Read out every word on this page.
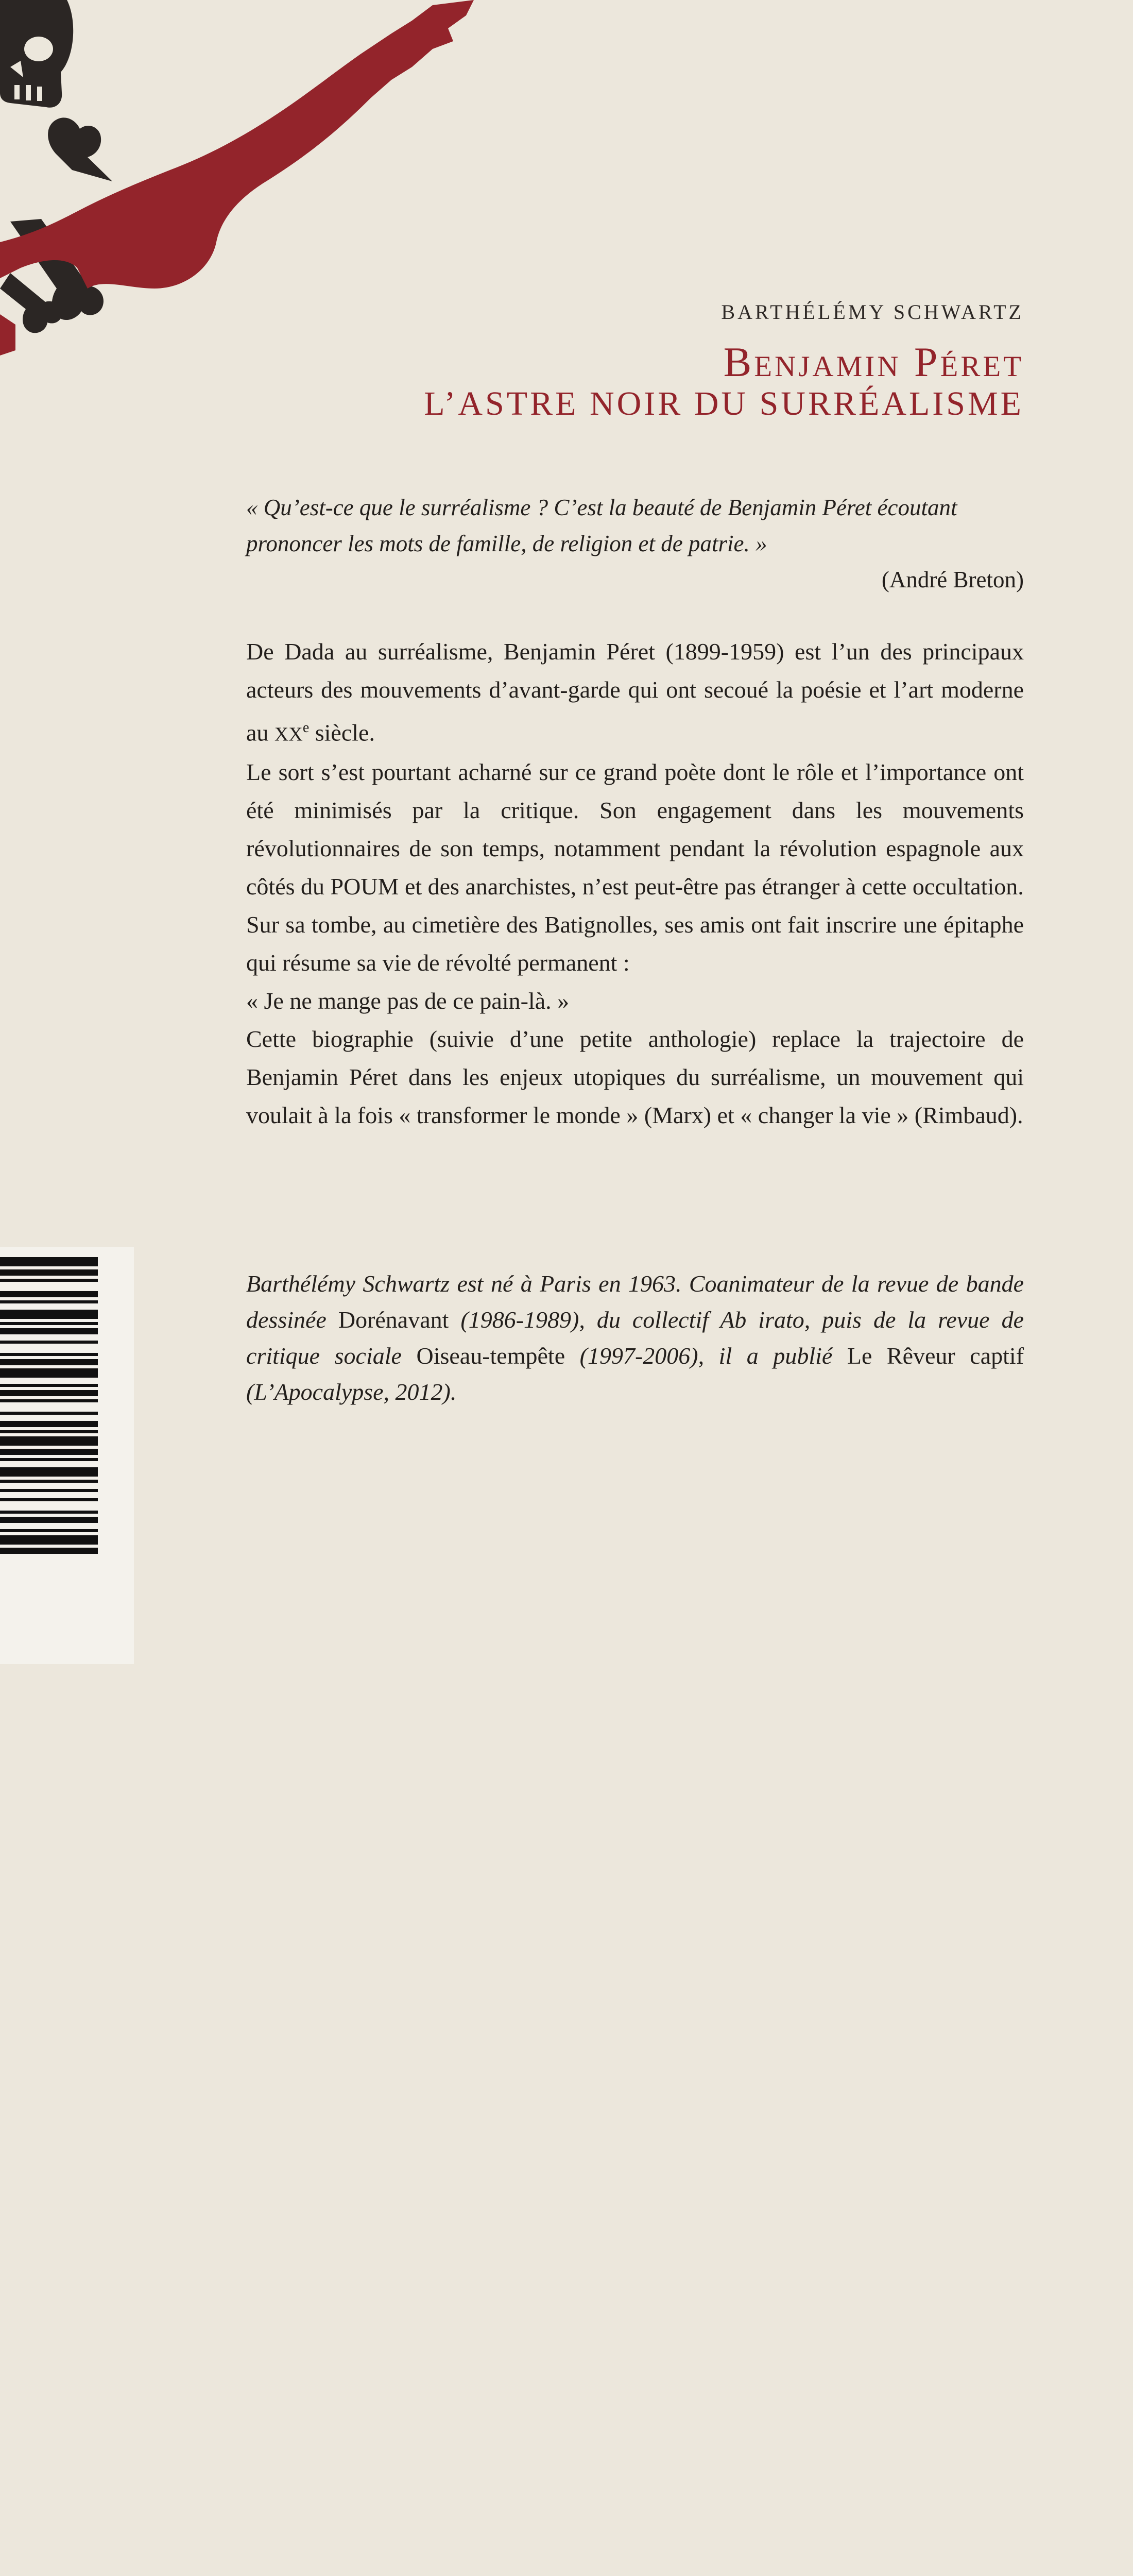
BARTHÉLÉMY SCHWARTZ
Benjamin Péret
L’ASTRE NOIR DU SURRÉALISME
« Qu’est-ce que le surréalisme ? C’est la beauté de Benjamin Péret écoutant prononcer les mots de famille, de religion et de patrie. »
(André Breton)

De Dada au surréalisme, Benjamin Péret (1899-1959) est l’un des principaux acteurs des mouvements d’avant-garde qui ont secoué la poésie et l’art moderne au XXe siècle.

Le sort s’est pourtant acharné sur ce grand poète dont le rôle et l’importance ont été minimisés par la critique. Son engagement dans les mouvements révolutionnaires de son temps, notamment pendant la révolution espagnole aux côtés du POUM et des anarchistes, n’est peut-être pas étranger à cette occultation.

Sur sa tombe, au cimetière des Batignolles, ses amis ont fait inscrire une épitaphe qui résume sa vie de révolté permanent :
« Je ne mange pas de ce pain-là. »

Cette biographie (suivie d’une petite anthologie) replace la trajectoire de Benjamin Péret dans les enjeux utopiques du surréalisme, un mouvement qui voulait à la fois « transformer le monde » (Marx) et « changer la vie » (Rimbaud).

Barthélémy Schwartz est né à Paris en 1963. Coanimateur de la revue de bande dessinée Dorénavant (1986-1989), du collectif Ab irato, puis de la revue de critique sociale Oiseau-tempête (1997-2006), il a publié Le Rêveur captif (L’Apocalypse, 2012).
